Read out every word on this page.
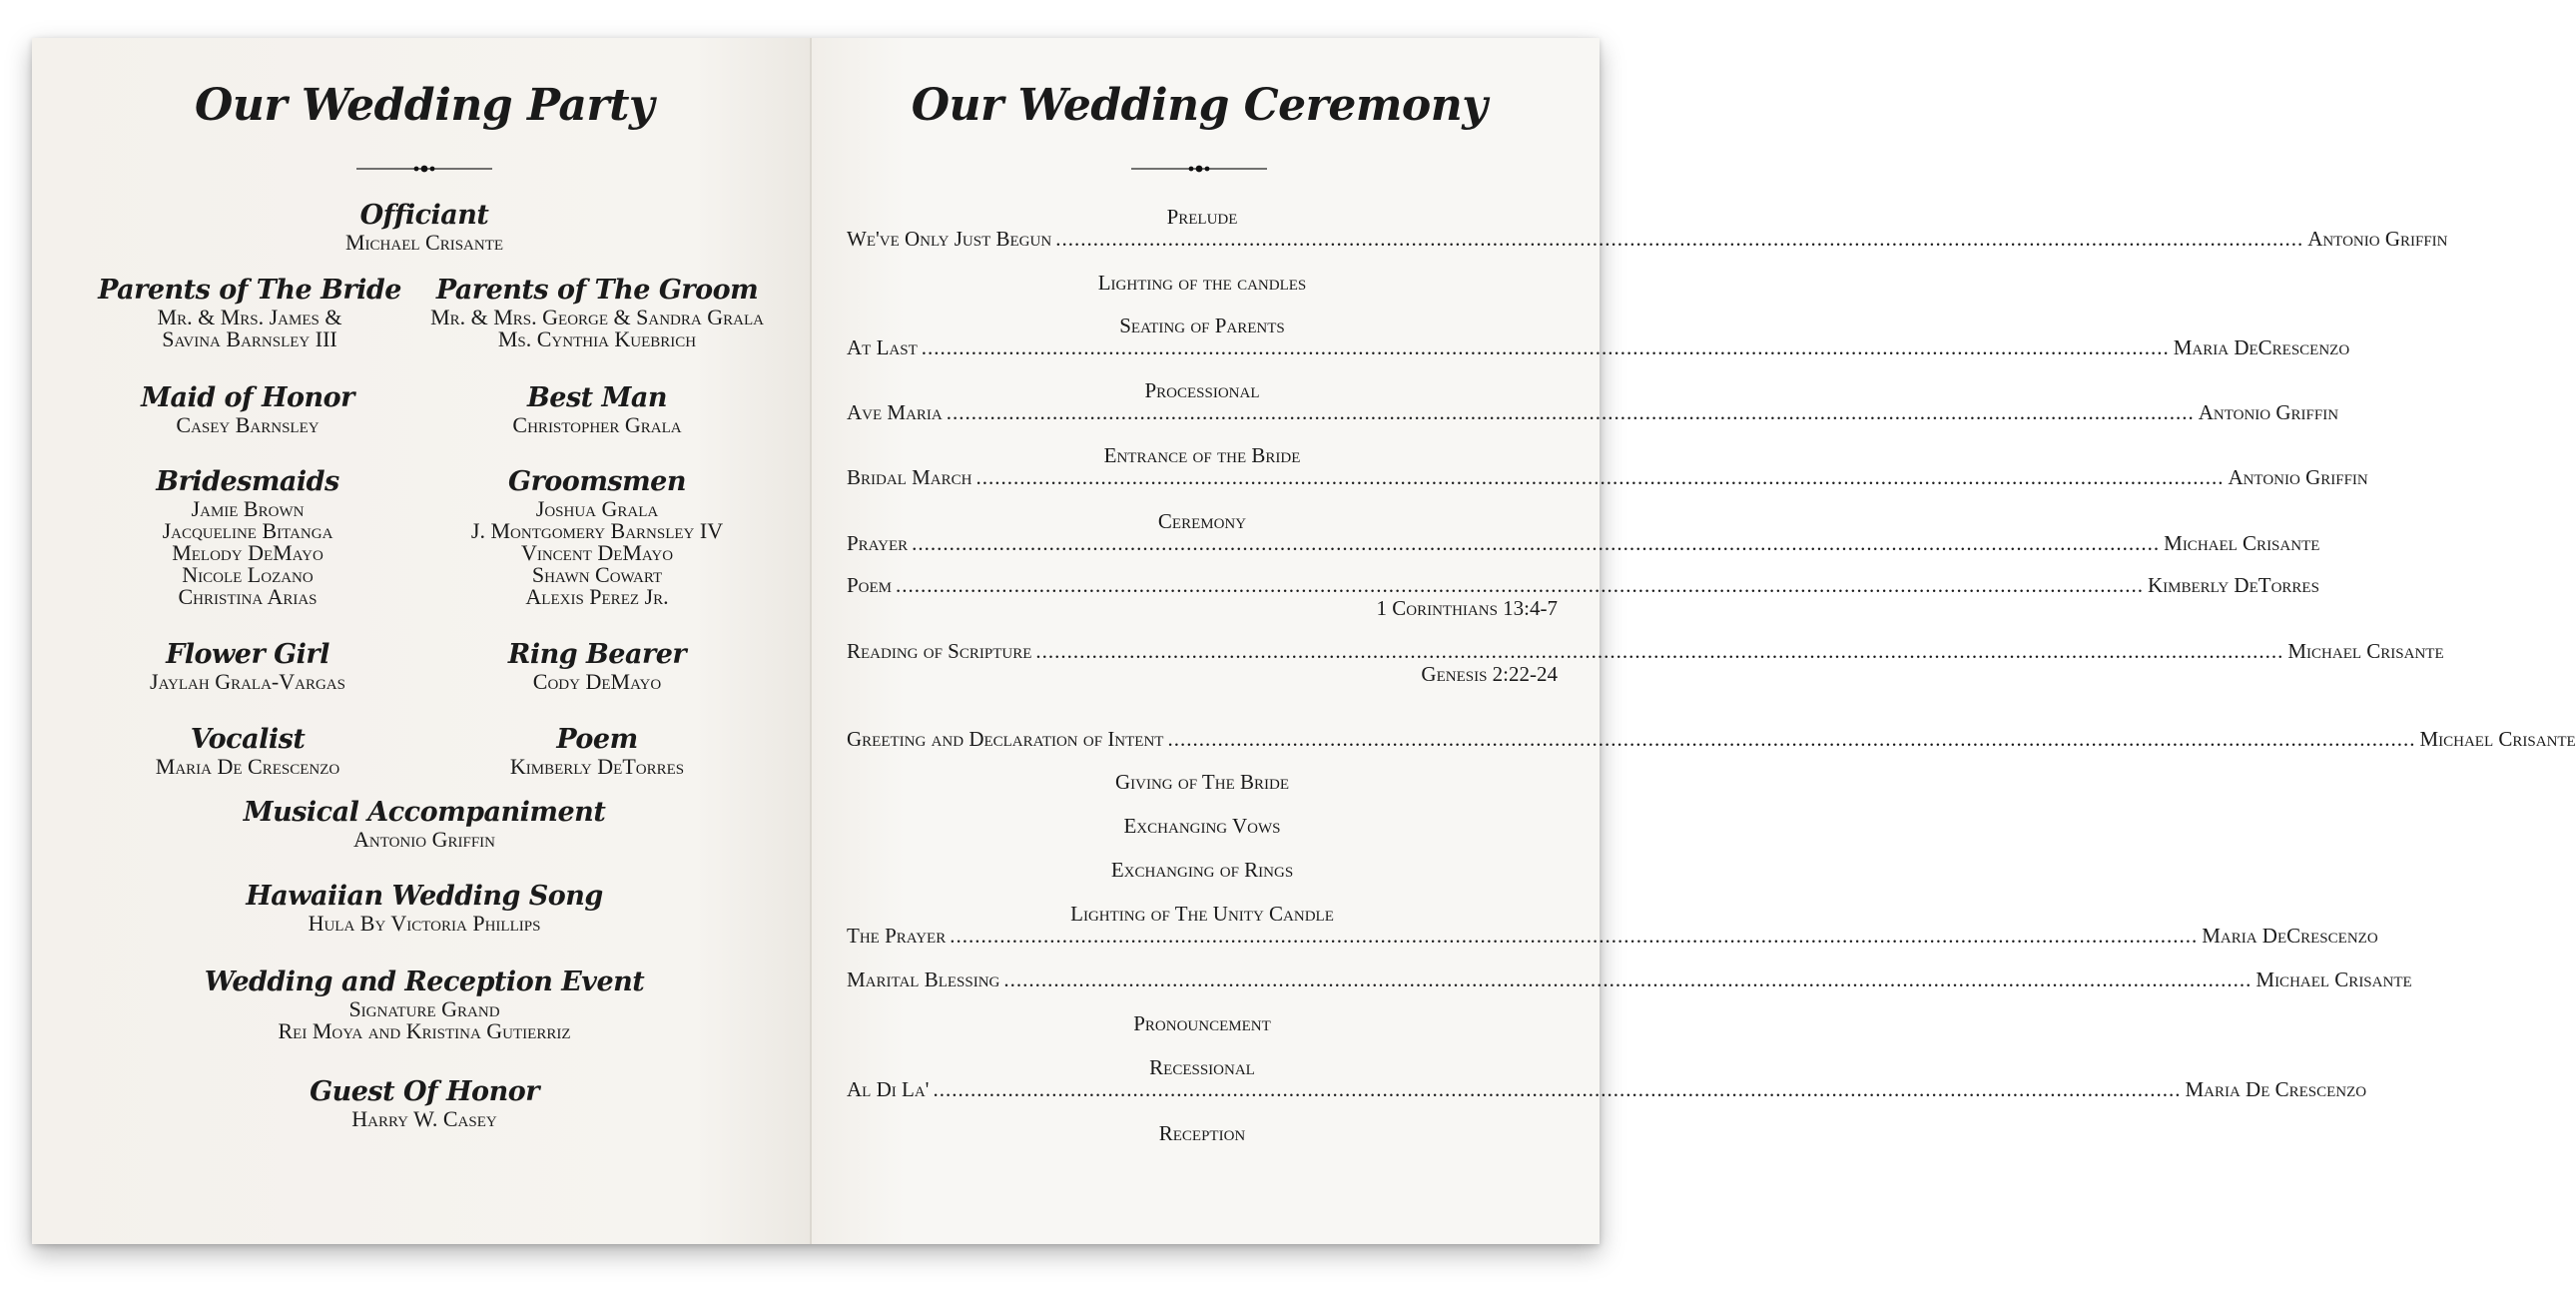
Our Wedding Party
Officiant
Michael Crisante
Parents of The Bride
Mr. & Mrs. James &
Savina Barnsley III
Parents of The Groom
Mr. & Mrs. George & Sandra Grala
Ms. Cynthia Kuebrich
Maid of Honor
Casey Barnsley
Best Man
Christopher Grala
Bridesmaids
Jamie Brown
Jacqueline Bitanga
Melody DeMayo
Nicole Lozano
Christina Arias
Groomsmen
Joshua Grala
J. Montgomery Barnsley IV
Vincent DeMayo
Shawn Cowart
Alexis Perez Jr.
Flower Girl
Jaylah Grala-Vargas
Ring Bearer
Cody DeMayo
Vocalist
Maria De Crescenzo
Poem
Kimberly DeTorres
Musical Accompaniment
Antonio Griffin
Hawaiian Wedding Song
Hula By Victoria Phillips
Wedding and Reception Event
Signature Grand
Rei Moya and Kristina Gutierriz
Guest Of Honor
Harry W. Casey
Our Wedding Ceremony
Prelude
We've Only Just Begun ........................................................................................................................................................................................................ Antonio Griffin
Lighting of the candles
Seating of Parents
At Last ........................................................................................................................................................................................................ Maria DeCrescenzo
Processional
Ave Maria ........................................................................................................................................................................................................ Antonio Griffin
Entrance of the Bride
Bridal March ........................................................................................................................................................................................................ Antonio Griffin
Ceremony
Prayer ........................................................................................................................................................................................................ Michael Crisante
Poem ........................................................................................................................................................................................................ Kimberly DeTorres
1 Corinthians 13:4-7
Reading of Scripture ........................................................................................................................................................................................................ Michael Crisante
Genesis 2:22-24
Greeting and Declaration of Intent ........................................................................................................................................................................................................ Michael Crisante
Giving of The Bride
Exchanging Vows
Exchanging of Rings
Lighting of The Unity Candle
The Prayer ........................................................................................................................................................................................................ Maria DeCrescenzo
Marital Blessing ........................................................................................................................................................................................................ Michael Crisante
Pronouncement
Recessional
Al Di La' ........................................................................................................................................................................................................ Maria De Crescenzo
Reception
